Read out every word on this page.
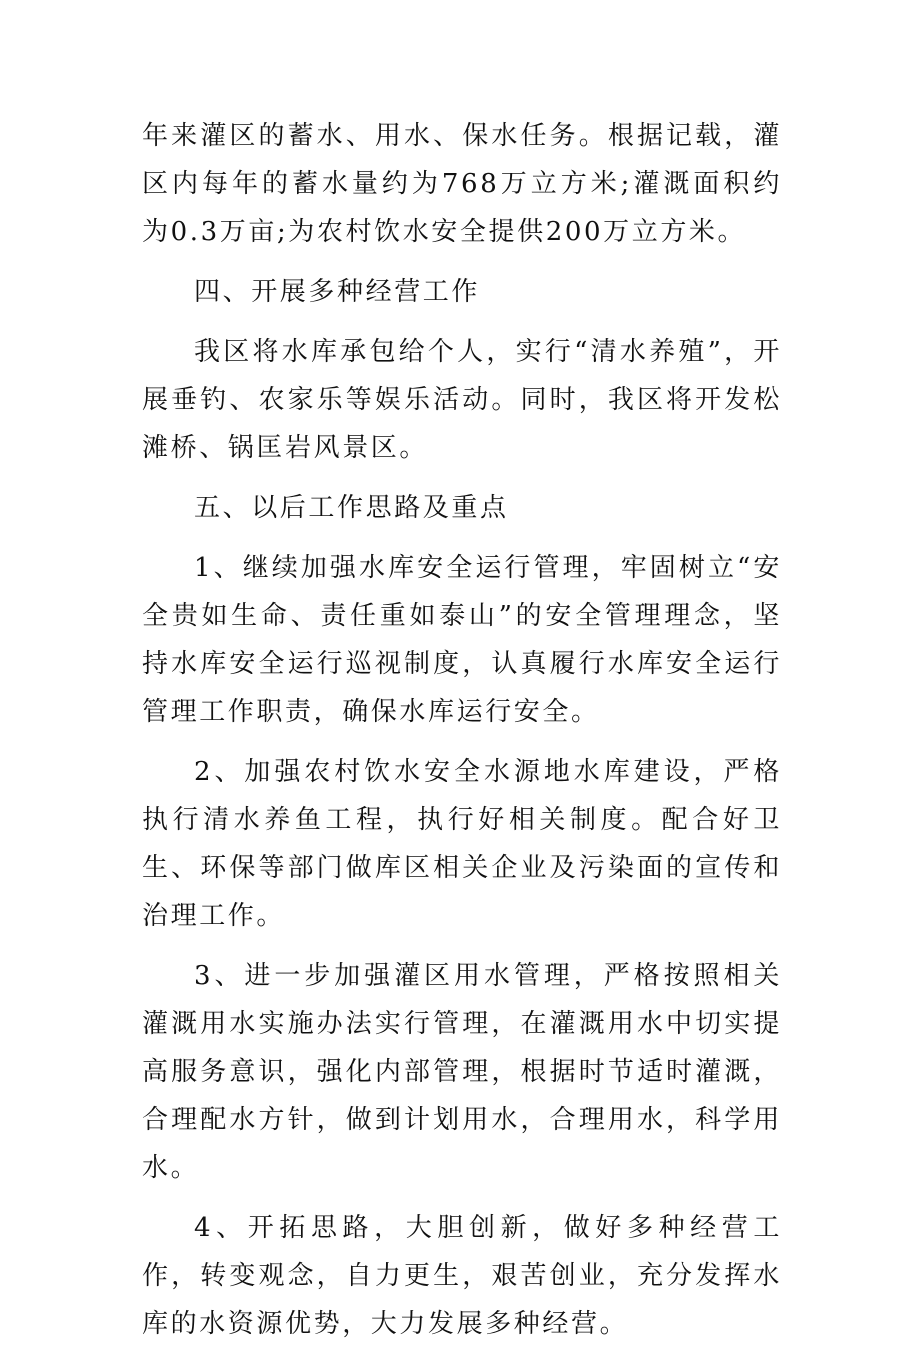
年来灌区的蓄水、用水、保水任务。根据记载，灌区内每年的蓄水量约为768万立方米;灌溉面积约为0.3万亩;为农村饮水安全提供200万立方米。

四、开展多种经营工作

我区将水库承包给个人，实行“清水养殖”，开展垂钓、农家乐等娱乐活动。同时，我区将开发松滩桥、锅匡岩风景区。

五、以后工作思路及重点

1、继续加强水库安全运行管理，牢固树立“安全贵如生命、责任重如泰山”的安全管理理念，坚持水库安全运行巡视制度，认真履行水库安全运行管理工作职责，确保水库运行安全。

2、加强农村饮水安全水源地水库建设，严格执行清水养鱼工程，执行好相关制度。配合好卫生、环保等部门做库区相关企业及污染面的宣传和治理工作。

3、进一步加强灌区用水管理，严格按照相关灌溉用水实施办法实行管理，在灌溉用水中切实提高服务意识，强化内部管理，根据时节适时灌溉，合理配水方针，做到计划用水，合理用水，科学用水。

4、开拓思路，大胆创新，做好多种经营工作，转变观念，自力更生，艰苦创业，充分发挥水库的水资源优势，大力发展多种经营。
